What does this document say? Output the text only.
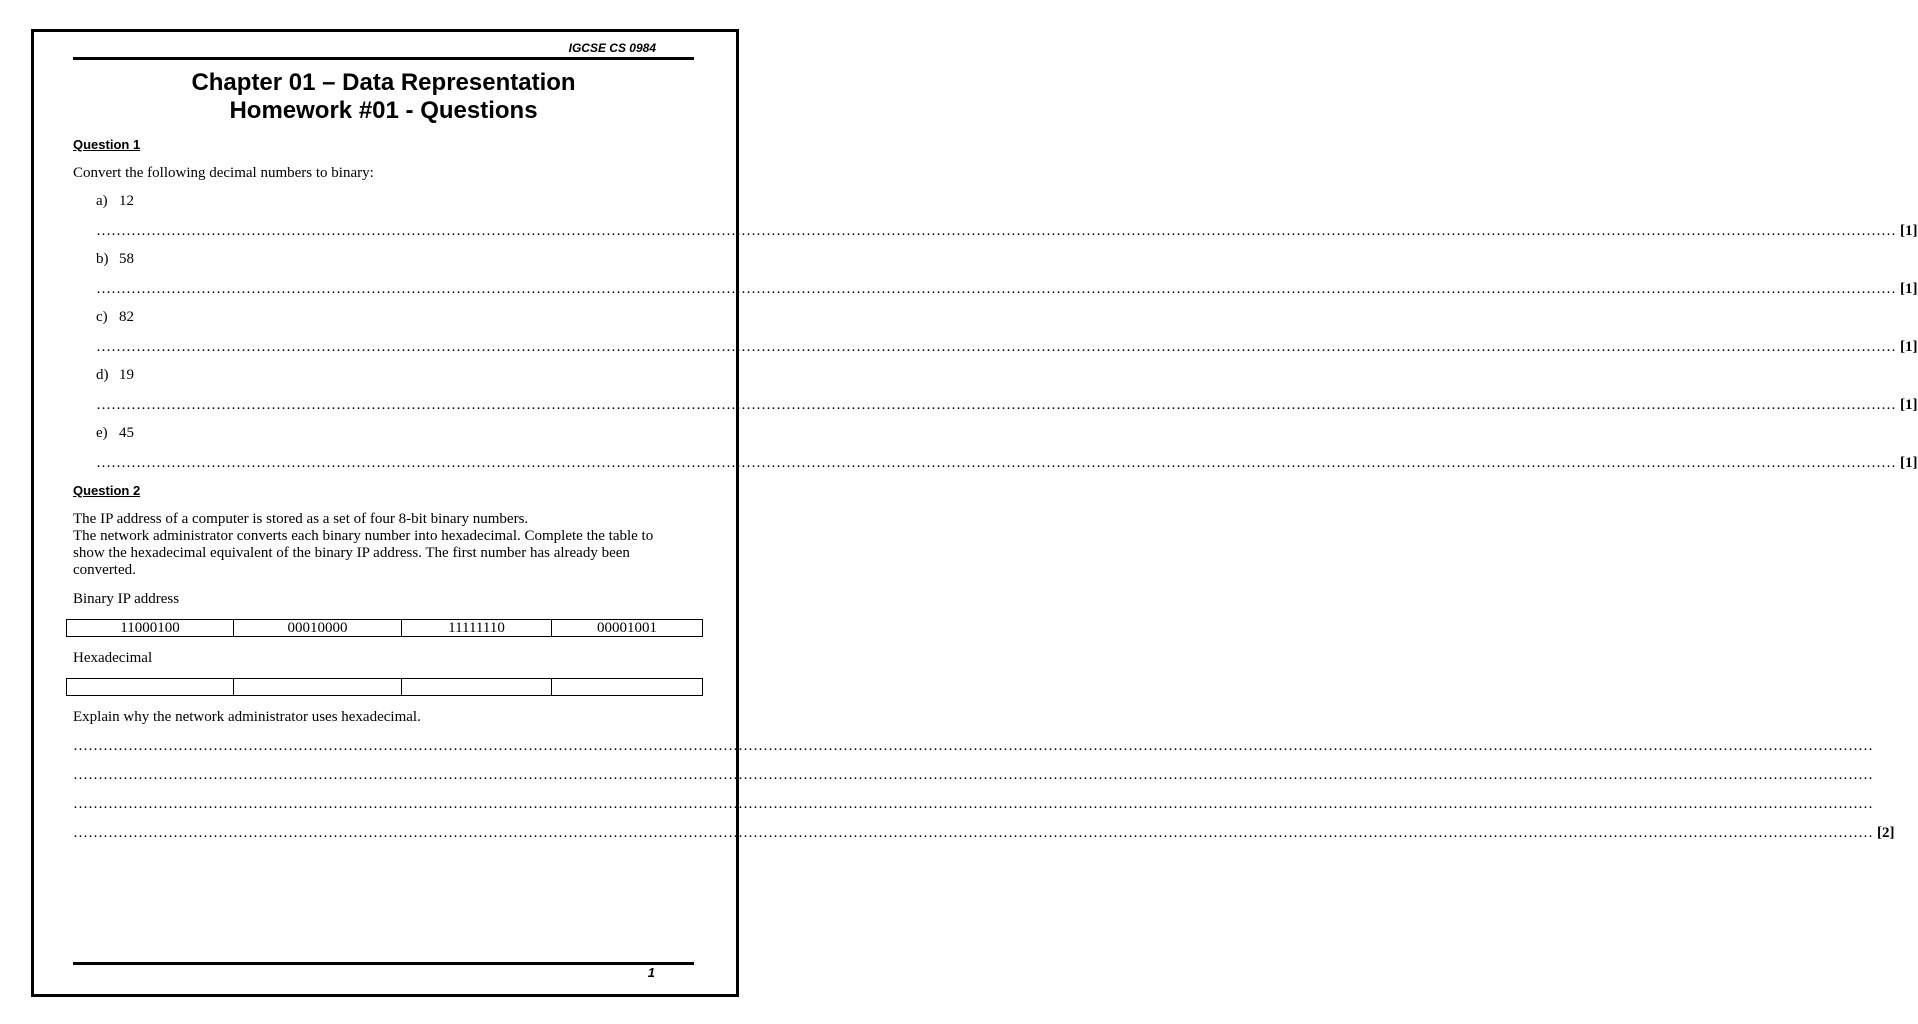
IGCSE CS 0984
Chapter 01 – Data Representation
Homework #01 - Questions
Question 1
Convert the following decimal numbers to binary:
a) 12
……………………………………………………………………………………………………………………………………………………………………………………………………………………………………………………………………………………………………………………………… [1]
b) 58
……………………………………………………………………………………………………………………………………………………………………………………………………………………………………………………………………………………………………………………………… [1]
c) 82
……………………………………………………………………………………………………………………………………………………………………………………………………………………………………………………………………………………………………………………………… [1]
d) 19
……………………………………………………………………………………………………………………………………………………………………………………………………………………………………………………………………………………………………………………………… [1]
e) 45
……………………………………………………………………………………………………………………………………………………………………………………………………………………………………………………………………………………………………………………………… [1]
Question 2
The IP address of a computer is stored as a set of four 8-bit binary numbers.
The network administrator converts each binary number into hexadecimal. Complete the table to show the hexadecimal equivalent of the binary IP address. The first number has already been converted.
Binary IP address
11000100	00010000	11111110	00001001
Hexadecimal

Explain why the network administrator uses hexadecimal.
………………………………………………………………………………………………………………………………………………………………………………………………………………………………………………………………………………………………………………………………
………………………………………………………………………………………………………………………………………………………………………………………………………………………………………………………………………………………………………………………………
………………………………………………………………………………………………………………………………………………………………………………………………………………………………………………………………………………………………………………………………
……………………………………………………………………………………………………………………………………………………………………………………………………………………………………………………………………………………………………………………………… [2]
1
